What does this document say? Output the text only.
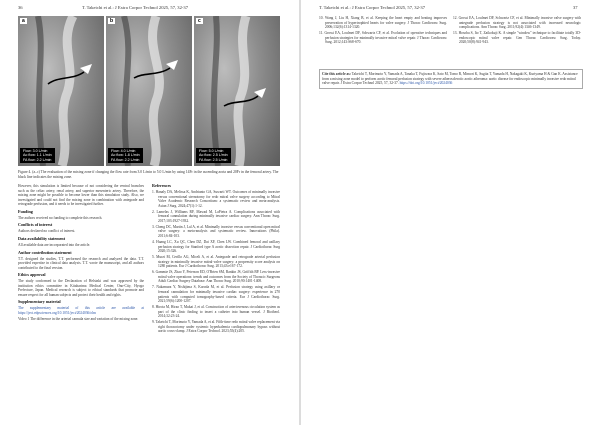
36	T. Takeichi et al.: J Extra Corpor Technol 2025, 57, 32-37
a
Flow: 3.0 L/min
Ao flow: 1.1 L/min
FA flow: 2.2 L/min
b
Flow: 4.0 L/min
Ao flow: 1.8 L/min
FA flow: 2.2 L/min
c
Flow: 5.0 L/min
Ao flow: 2.5 L/min
FA flow: 2.5 L/min
Figure 4. (a–c) The evaluation of the mixing zone if changing the flow rate from 3.0 L/min to 5.0 L/min by using 14Fr in the ascending aorta and 20Fr in the femoral artery. The black line indicates the mixing zone.

However, this simulation is limited because of not considering the ventral branches such as the celiac artery, renal artery, and superior mesenteric artery. Therefore, the mixing zone might be possible to become lower than this simulation study. Also, we investigated and could not find the mixing zone in combination with antegrade and retrograde perfusion, and it needs to be investigated further.

Funding

The authors received no funding to complete this research.

Conflicts of interest

Authors declared no conflict of interest.

Data availability statement

All available data are incorporated into the article.

Author contribution statement

T.T. designed the studies, T.T. performed the research and analyzed the data. T.T. provided expertise in clinical data analysis. T.T. wrote the manuscript, and all authors contributed to the final version.

Ethics approval

The study conformed to the Declaration of Helsinki and was approved by the institution ethics committee in Kitaharima Medical Center, Ono-City, Hyogo Prefecture, Japan. Medical research is subject to ethical standards that promote and ensure respect for all human subjects and protect their health and rights.

Supplementary material

The supplementary material of this article are available at https://ject.edpsciences.org/10.1051/ject/2024036/olm

Video 1 The difference in the arterial cannula size and variation of the mixing zone.

References

1. Hanaly DA, Melissa K, Andrianto GA, Suwarti WT. Outcomes of minimally invasive versus conventional sternotomy for redo mitral valve surgery according to Mitral Valve Academic Research Consortium: a systematic review and meta-analysis. Asian J Surg. 2024;47(1):1-12.

2. Lamelas J, Williams RF, Mawad M, LaPietra A. Complications associated with femoral cannulation during minimally invasive cardiac surgery. Ann Thorac Surg. 2017;103:1927-1932.

3. Cheng DC, Martin J, Lal A, et al. Minimally invasive versus conventional open mitral valve surgery: a meta-analysis and systematic review. Innovations (Phila). 2011;6:84-103.

4. Huang LC, Xu QC, Chen DZ, Dai XF, Chen LW. Combined femoral and axillary perfusion strategy for Stanford type A aortic dissection repair. J Cardiothorac Surg 2020;15:326.

5. Murzi M, Cerillo AG, Miceli A, et al. Antegrade and retrograde arterial perfusion strategy in minimally invasive mitral-valve surgery: a propensity score analysis on 1280 patients. Eur J Cardiothorac Surg. 2013;43:e167-172.

6. Gammie JS, Zhao Y, Peterson ED, O'Brien SM, Rankin JS, Griffith BP. Less-invasive mitral valve operations: trends and outcomes from the Society of Thoracic Surgeons Adult Cardiac Surgery Database. Ann Thorac Surg. 2010;90:1401-1408.

7. Nakamura Y, Nishijima S, Kuroda M, et al. Perfusion strategy using axillary or femoral cannulation for minimally invasive cardiac surgery: experience in 270 patients with computed tomography-based criteria. Eur J Cardiothorac Surg. 2021;59(6):1200-1207.

8. Hirota M, Hirao T, Mukai J, et al. Construction of arteriovenous circulation system as part of the clinic finding to insert a catheter into human vessel. J Biotheol. 2014;32:23-24.

9. Takeichi T, Morimoto Y, Yamada A, et al. Fifth-time redo mitral valve replacement via right thoracotomy under systemic hyperkalemia cardiopulmonary bypass without aortic cross-clamp. J Extra Corpor Technol. 2023;55(4):205.

T. Takeichi et al.: J Extra Corpor Technol 2025, 57, 32-37	37

10. Wang J, Liu H, Xiang B, et al. Keeping the heart empty and beating improves preservation of hypertrophied hearts for valve surgery. J Thorac Cardiovasc Surg. 2006;132(6):1314-1320.

11. Grossi EA, Loulmet DF, Schwartz CF, et al. Evolution of operative techniques and perfusion strategies for minimally invasive mitral valve repair. J Thorac Cardiovasc Surg. 2012;143:S68-S70.

12. Grossi EA, Loulmet DF, Schwartz CF, et al. Minimally invasive valve surgery with antegrade perfusion strategy is not associated with increased neurologic complications. Ann Thorac Surg. 2011;92(4):1346-1349.

13. Hosoba S, Ito T, Zaikokuji K. A simple "window" technique to facilitate totally 3D-endoscopic mitral valve repair. Gen Thorac Cardiovasc Surg. Today. 2020;50(8):941-943.

Cite this article as: Takeichi T, Morimoto Y, Yamada A, Tanaka T, Fujiwara K, Sato M, Tomo R, Mimori K, Sugita T, Yamada H, Nakagaki K, Kuriyama H & Gan K. Assistance from a mixing zone model to perform aortic femoral perfusion strategy with severe atherosclerotic aortic atheroma: aortic disease for endoscopic minimally invasive redo mitral valve repair. J Extra Corpor Technol 2025, 57, 32-37. https://doi.org/10.1051/ject/2024036
